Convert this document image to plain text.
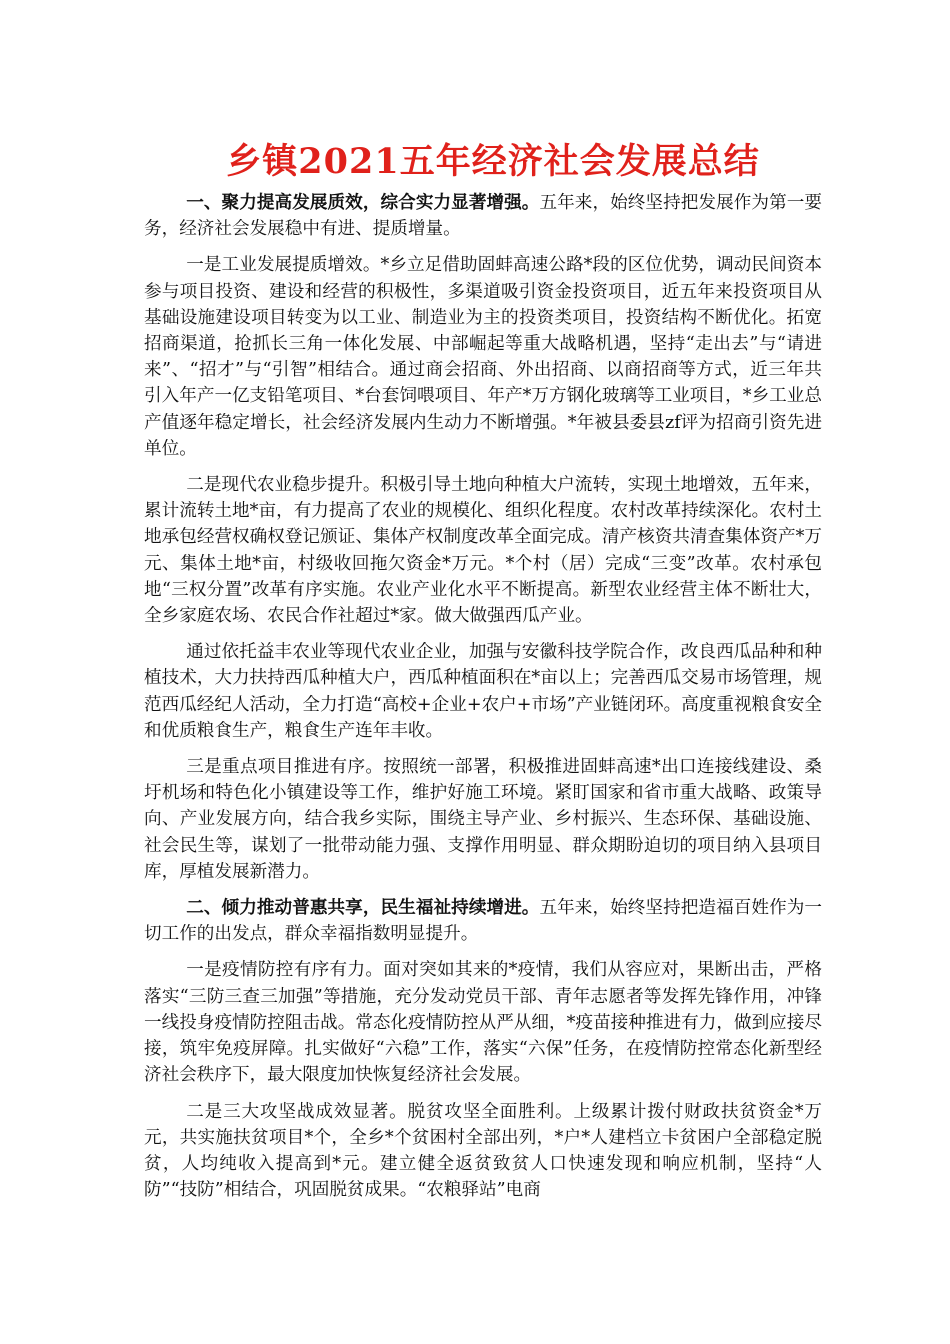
乡镇2021五年经济社会发展总结

一、聚力提高发展质效，综合实力显著增强。五年来，始终坚持把发展作为第一要务，经济社会发展稳中有进、提质增量。

一是工业发展提质增效。*乡立足借助固蚌高速公路*段的区位优势，调动民间资本参与项目投资、建设和经营的积极性，多渠道吸引资金投资项目，近五年来投资项目从基础设施建设项目转变为以工业、制造业为主的投资类项目，投资结构不断优化。拓宽招商渠道，抢抓长三角一体化发展、中部崛起等重大战略机遇，坚持“走出去”与“请进来”、“招才”与“引智”相结合。通过商会招商、外出招商、以商招商等方式，近三年共引入年产一亿支铅笔项目、*台套饲喂项目、年产*万方钢化玻璃等工业项目，*乡工业总产值逐年稳定增长，社会经济发展内生动力不断增强。*年被县委县zf评为招商引资先进单位。

二是现代农业稳步提升。积极引导土地向种植大户流转，实现土地增效，五年来，累计流转土地*亩，有力提高了农业的规模化、组织化程度。农村改革持续深化。农村土地承包经营权确权登记颁证、集体产权制度改革全面完成。清产核资共清查集体资产*万元、集体土地*亩，村级收回拖欠资金*万元。*个村（居）完成“三变”改革。农村承包地“三权分置”改革有序实施。农业产业化水平不断提高。新型农业经营主体不断壮大，全乡家庭农场、农民合作社超过*家。做大做强西瓜产业。

通过依托益丰农业等现代农业企业，加强与安徽科技学院合作，改良西瓜品种和种植技术，大力扶持西瓜种植大户，西瓜种植面积在*亩以上；完善西瓜交易市场管理，规范西瓜经纪人活动，全力打造“高校+企业+农户+市场”产业链闭环。高度重视粮食安全和优质粮食生产，粮食生产连年丰收。

三是重点项目推进有序。按照统一部署，积极推进固蚌高速*出口连接线建设、桑圩机场和特色化小镇建设等工作，维护好施工环境。紧盯国家和省市重大战略、政策导向、产业发展方向，结合我乡实际，围绕主导产业、乡村振兴、生态环保、基础设施、社会民生等，谋划了一批带动能力强、支撑作用明显、群众期盼迫切的项目纳入县项目库，厚植发展新潜力。

二、倾力推动普惠共享，民生福祉持续增进。五年来，始终坚持把造福百姓作为一切工作的出发点，群众幸福指数明显提升。

一是疫情防控有序有力。面对突如其来的*疫情，我们从容应对，果断出击，严格落实“三防三查三加强”等措施，充分发动党员干部、青年志愿者等发挥先锋作用，冲锋一线投身疫情防控阻击战。常态化疫情防控从严从细，*疫苗接种推进有力，做到应接尽接，筑牢免疫屏障。扎实做好“六稳”工作，落实“六保”任务，在疫情防控常态化新型经济社会秩序下，最大限度加快恢复经济社会发展。

二是三大攻坚战成效显著。脱贫攻坚全面胜利。上级累计拨付财政扶贫资金*万元，共实施扶贫项目*个，全乡*个贫困村全部出列，*户*人建档立卡贫困户全部稳定脱贫，人均纯收入提高到*元。建立健全返贫致贫人口快速发现和响应机制，坚持“人防”“技防”相结合，巩固脱贫成果。“农粮驿站”电商
